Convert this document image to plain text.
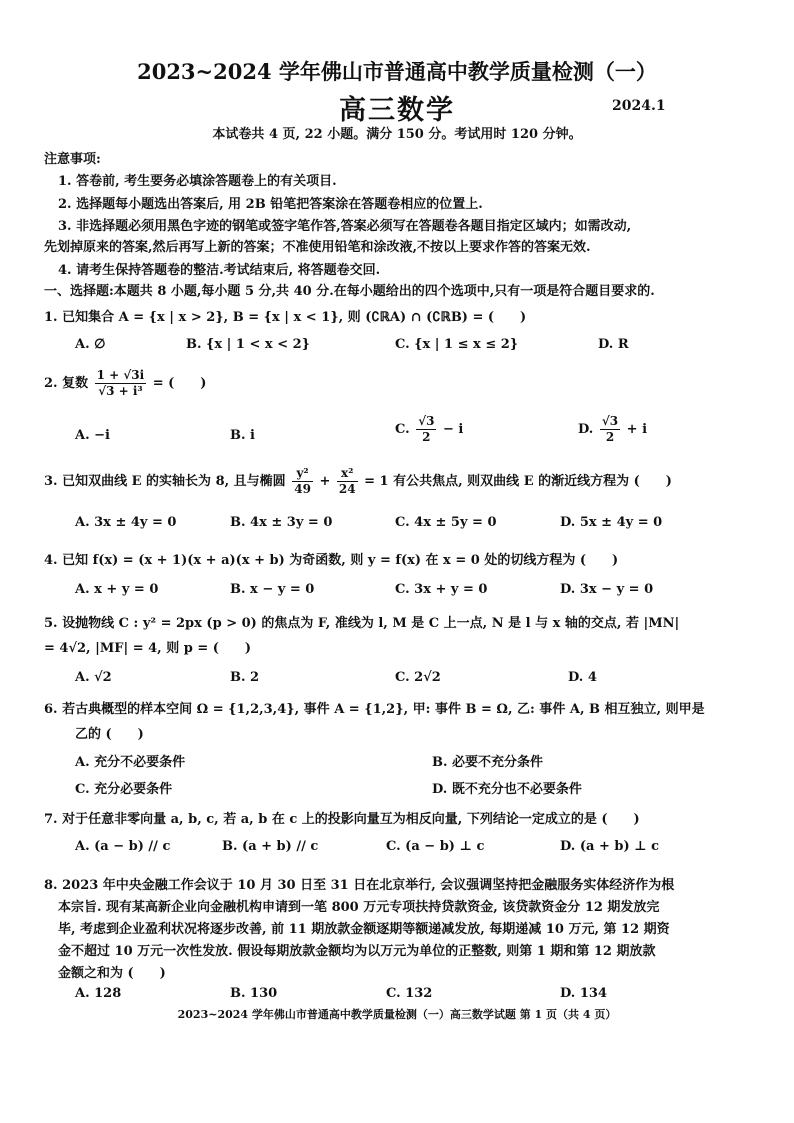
2023~2024 学年佛山市普通高中教学质量检测（一）
高三数学	2024.1
本试卷共 4 页, 22 小题。满分 150 分。考试用时 120 分钟。
注意事项:
1. 答卷前, 考生要务必填涂答题卷上的有关项目.
2. 选择题每小题选出答案后, 用 2B 铅笔把答案涂在答题卷相应的位置上.
3. 非选择题必须用黑色字迹的钢笔或签字笔作答,答案必须写在答题卷各题目指定区域内；如需改动,
先划掉原来的答案,然后再写上新的答案；不准使用铅笔和涂改液,不按以上要求作答的答案无效.
4. 请考生保持答题卷的整洁.考试结束后, 将答题卷交回.
一、选择题:本题共 8 小题,每小题 5 分,共 40 分.在每小题给出的四个选项中,只有一项是符合题目要求的.
1. 已知集合 A = {x | x > 2}, B = {x | x < 1}, 则 (∁ℝA) ∩ (∁ℝB) = (　　)
A. ∅	B. {x | 1 < x < 2}	C. {x | 1 ≤ x ≤ 2}	D. R
2. 复数 $\frac{1 + √3i}{\text{√3 + i³}}$ = (　　)
A. −i	B. i	C. $\frac{√3}{2} - i$	D. $\frac{√3}{2} + i$
3. 已知双曲线 E 的实轴长为 8, 且与椭圆 $\frac{\text{y²}}{49} + \frac{\text{x²}}{24} = 1$ 有公共焦点, 则双曲线 E 的渐近线方程为 (　　)
A. 3x ± 4y = 0	B. 4x ± 3y = 0	C. 4x ± 5y = 0	D. 5x ± 4y = 0
4. 已知 f(x) = (x + 1)(x + a)(x + b) 为奇函数, 则 y = f(x) 在 x = 0 处的切线方程为 (　　)
A. x + y = 0	B. x − y = 0	C. 3x + y = 0	D. 3x − y = 0
5. 设抛物线 C : y² = 2px (p > 0) 的焦点为 F, 准线为 l, M 是 C 上一点, N 是 l 与 x 轴的交点, 若 |MN|
= 4√2, |MF| = 4, 则 p = (　　)
A. √2	B. 2	C. 2√2	D. 4
6. 若古典概型的样本空间 Ω = {1,2,3,4}, 事件 A = {1,2}, 甲: 事件 B = Ω, 乙: 事件 A, B 相互独立, 则甲是
乙的 (　　)
A. 充分不必要条件	B. 必要不充分条件
C. 充分必要条件	D. 既不充分也不必要条件
7. 对于任意非零向量 a, b, c, 若 a, b 在 c 上的投影向量互为相反向量, 下列结论一定成立的是 (　　)
A. (a − b) // c	B. (a + b) // c	C. (a − b) ⊥ c	D. (a + b) ⊥ c
8. 2023 年中央金融工作会议于 10 月 30 日至 31 日在北京举行, 会议强调坚持把金融服务实体经济作为根
本宗旨. 现有某高新企业向金融机构申请到一笔 800 万元专项扶持贷款资金, 该贷款资金分 12 期发放完
毕, 考虑到企业盈利状况将逐步改善, 前 11 期放款金额逐期等额递减发放, 每期递减 10 万元, 第 12 期资
金不超过 10 万元一次性发放. 假设每期放款金额均为以万元为单位的正整数, 则第 1 期和第 12 期放款
金额之和为 (　　)
A. 128	B. 130	C. 132	D. 134
2023~2024 学年佛山市普通高中教学质量检测（一）高三数学试题 第 1 页（共 4 页）
